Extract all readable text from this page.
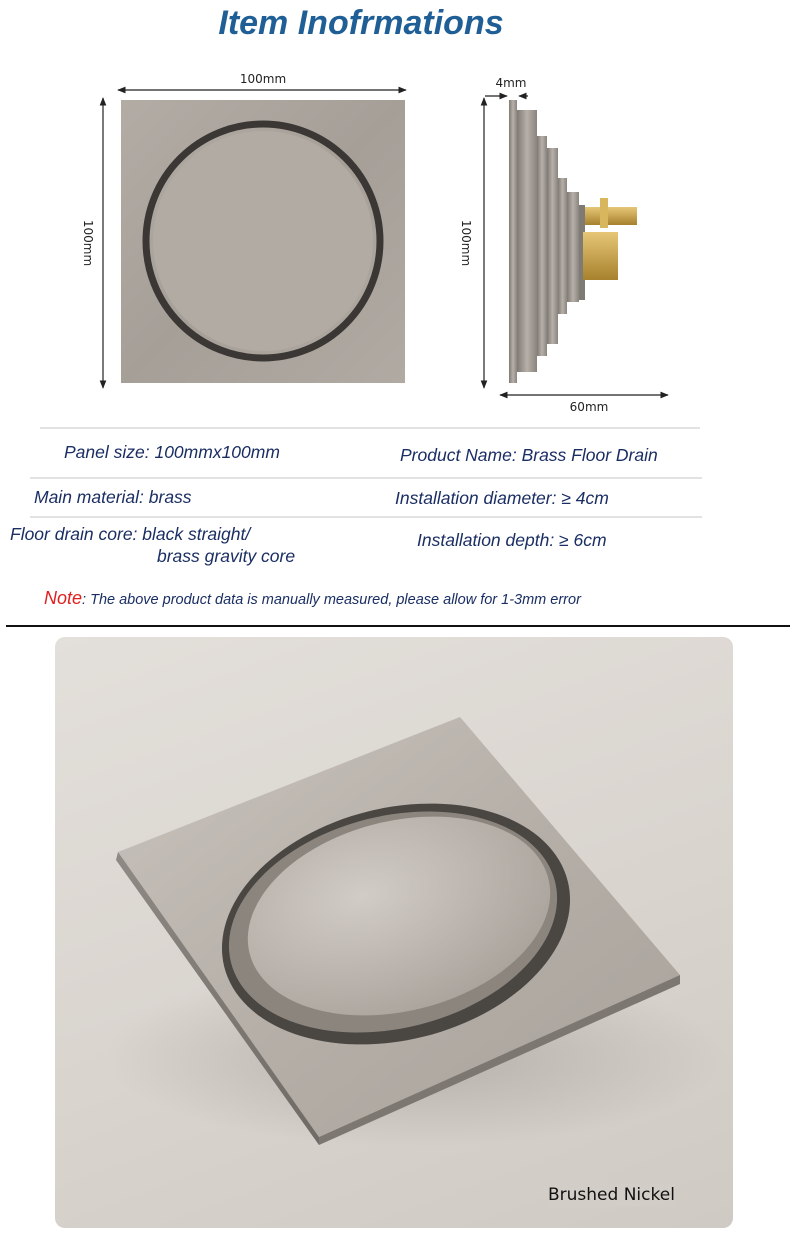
Item Inofrmations
100mm
100mm
4mm
100mm
60mm
Panel size: 100mmx100mm	Product Name: Brass Floor Drain
Main material: brass	Installation diameter: ≥ 4cm
Floor drain core: black straight/
brass gravity core
Installation depth: ≥ 6cm
Note: The above product data is manually measured, please allow for 1-3mm error
Brushed Nickel
